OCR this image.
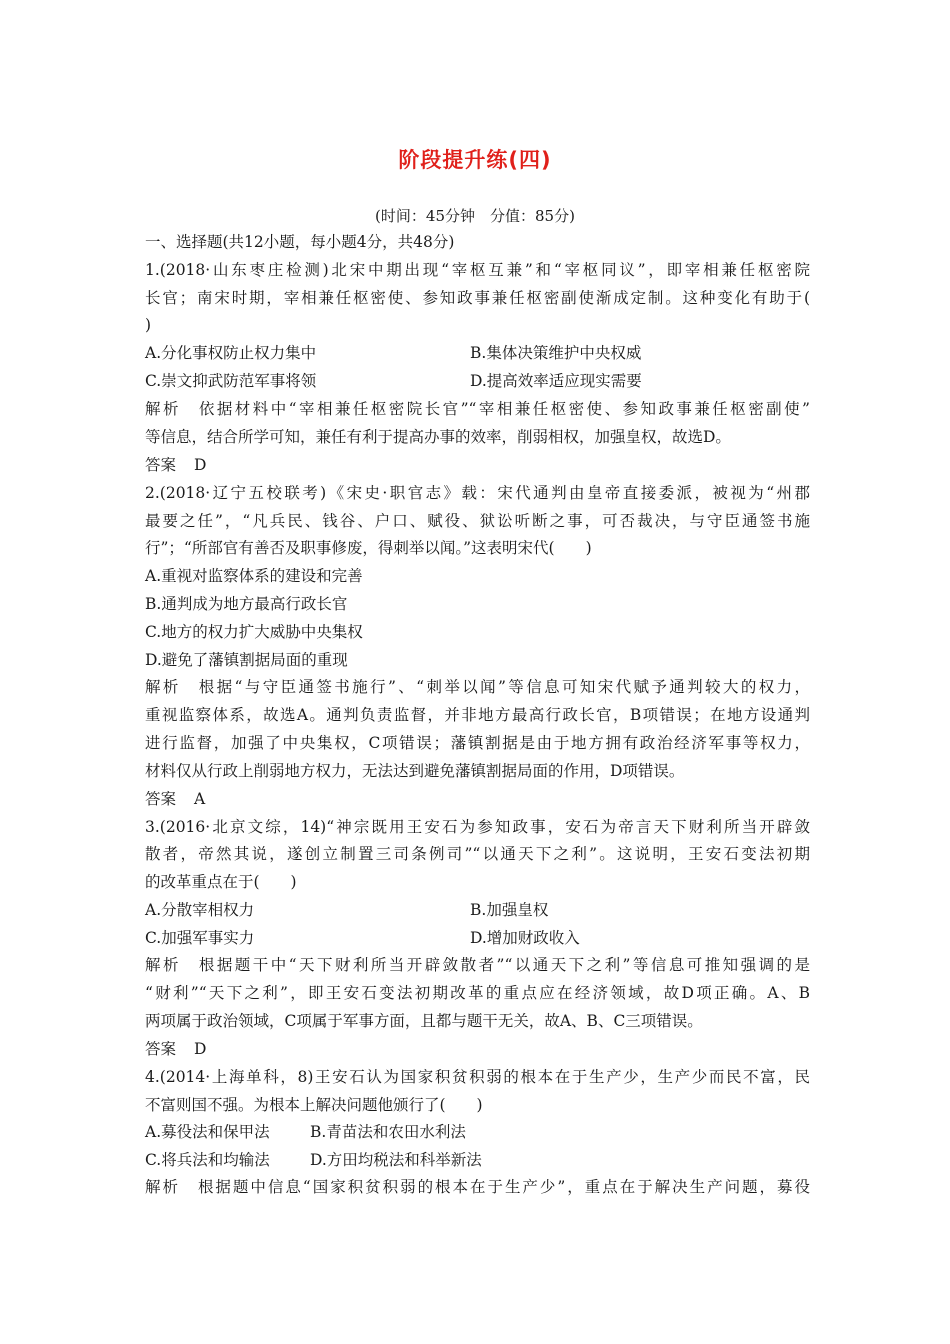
阶段提升练(四)
(时间：45分钟　分值：85分)
一、选择题(共12小题，每小题4分，共48分)
1.(2018·山东枣庄检测)北宋中期出现“宰枢互兼”和“宰枢同议”，即宰相兼任枢密院
长官；南宋时期，宰相兼任枢密使、参知政事兼任枢密副使渐成定制。这种变化有助于(
)
A.分化事权防止权力集中	B.集体决策维护中央权威
C.崇文抑武防范军事将领	D.提高效率适应现实需要
解析 依据材料中“宰相兼任枢密院长官”“宰相兼任枢密使、参知政事兼任枢密副使”
等信息，结合所学可知，兼任有利于提高办事的效率，削弱相权，加强皇权，故选D。
答案 D
2.(2018·辽宁五校联考)《宋史·职官志》载：宋代通判由皇帝直接委派，被视为“州郡
最要之任”，“凡兵民、钱谷、户口、赋役、狱讼听断之事，可否裁决，与守臣通签书施
行”；“所部官有善否及职事修废，得刺举以闻。”这表明宋代(　　)
A.重视对监察体系的建设和完善
B.通判成为地方最高行政长官
C.地方的权力扩大威胁中央集权
D.避免了藩镇割据局面的重现
解析 根据“与守臣通签书施行”、“刺举以闻”等信息可知宋代赋予通判较大的权力，
重视监察体系，故选A。通判负责监督，并非地方最高行政长官，B项错误；在地方设通判
进行监督，加强了中央集权，C项错误；藩镇割据是由于地方拥有政治经济军事等权力，
材料仅从行政上削弱地方权力，无法达到避免藩镇割据局面的作用，D项错误。
答案 A
3.(2016·北京文综，14)“神宗既用王安石为参知政事，安石为帝言天下财利所当开辟敛
散者，帝然其说，遂创立制置三司条例司”“以通天下之利”。这说明，王安石变法初期
的改革重点在于(　　)
A.分散宰相权力	B.加强皇权
C.加强军事实力	D.增加财政收入
解析 根据题干中“天下财利所当开辟敛散者”“以通天下之利”等信息可推知强调的是
“财利”“天下之利”，即王安石变法初期改革的重点应在经济领域，故D项正确。A、B
两项属于政治领域，C项属于军事方面，且都与题干无关，故A、B、C三项错误。
答案 D
4.(2014·上海单科，8)王安石认为国家积贫积弱的根本在于生产少，生产少而民不富，民
不富则国不强。为根本上解决问题他颁行了(　　)
A.募役法和保甲法	B.青苗法和农田水利法
C.将兵法和均输法	D.方田均税法和科举新法
解析 根据题中信息“国家积贫积弱的根本在于生产少”，重点在于解决生产问题，募役
